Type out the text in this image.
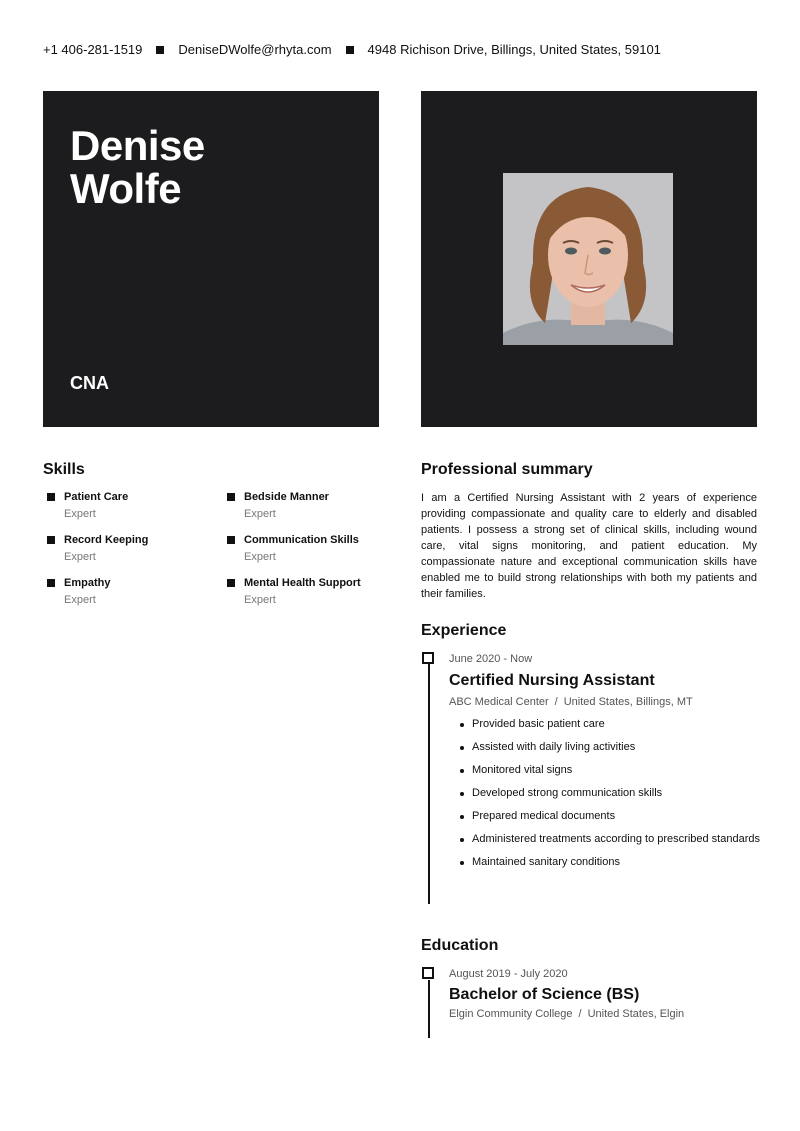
+1 406-281-1519	DeniseDWolfe@rhyta.com	4948 Richison Drive, Billings, United States, 59101
Denise
Wolfe
CNA
Skills
Patient Care
Expert
Bedside Manner
Expert
Record Keeping
Expert
Communication Skills
Expert
Empathy
Expert
Mental Health Support
Expert
Professional summary
I am a Certified Nursing Assistant with 2 years of experience providing compassionate and quality care to elderly and disabled patients. I possess a strong set of clinical skills, including wound care, vital signs monitoring, and patient education. My compassionate nature and exceptional communication skills have enabled me to build strong relationships with both my patients and their families.
Experience
June 2020 - Now
Certified Nursing Assistant
ABC Medical Center / United States, Billings, MT
Provided basic patient care
Assisted with daily living activities
Monitored vital signs
Developed strong communication skills
Prepared medical documents
Administered treatments according to prescribed standards
Maintained sanitary conditions
Education
August 2019 - July 2020
Bachelor of Science (BS)
Elgin Community College / United States, Elgin
